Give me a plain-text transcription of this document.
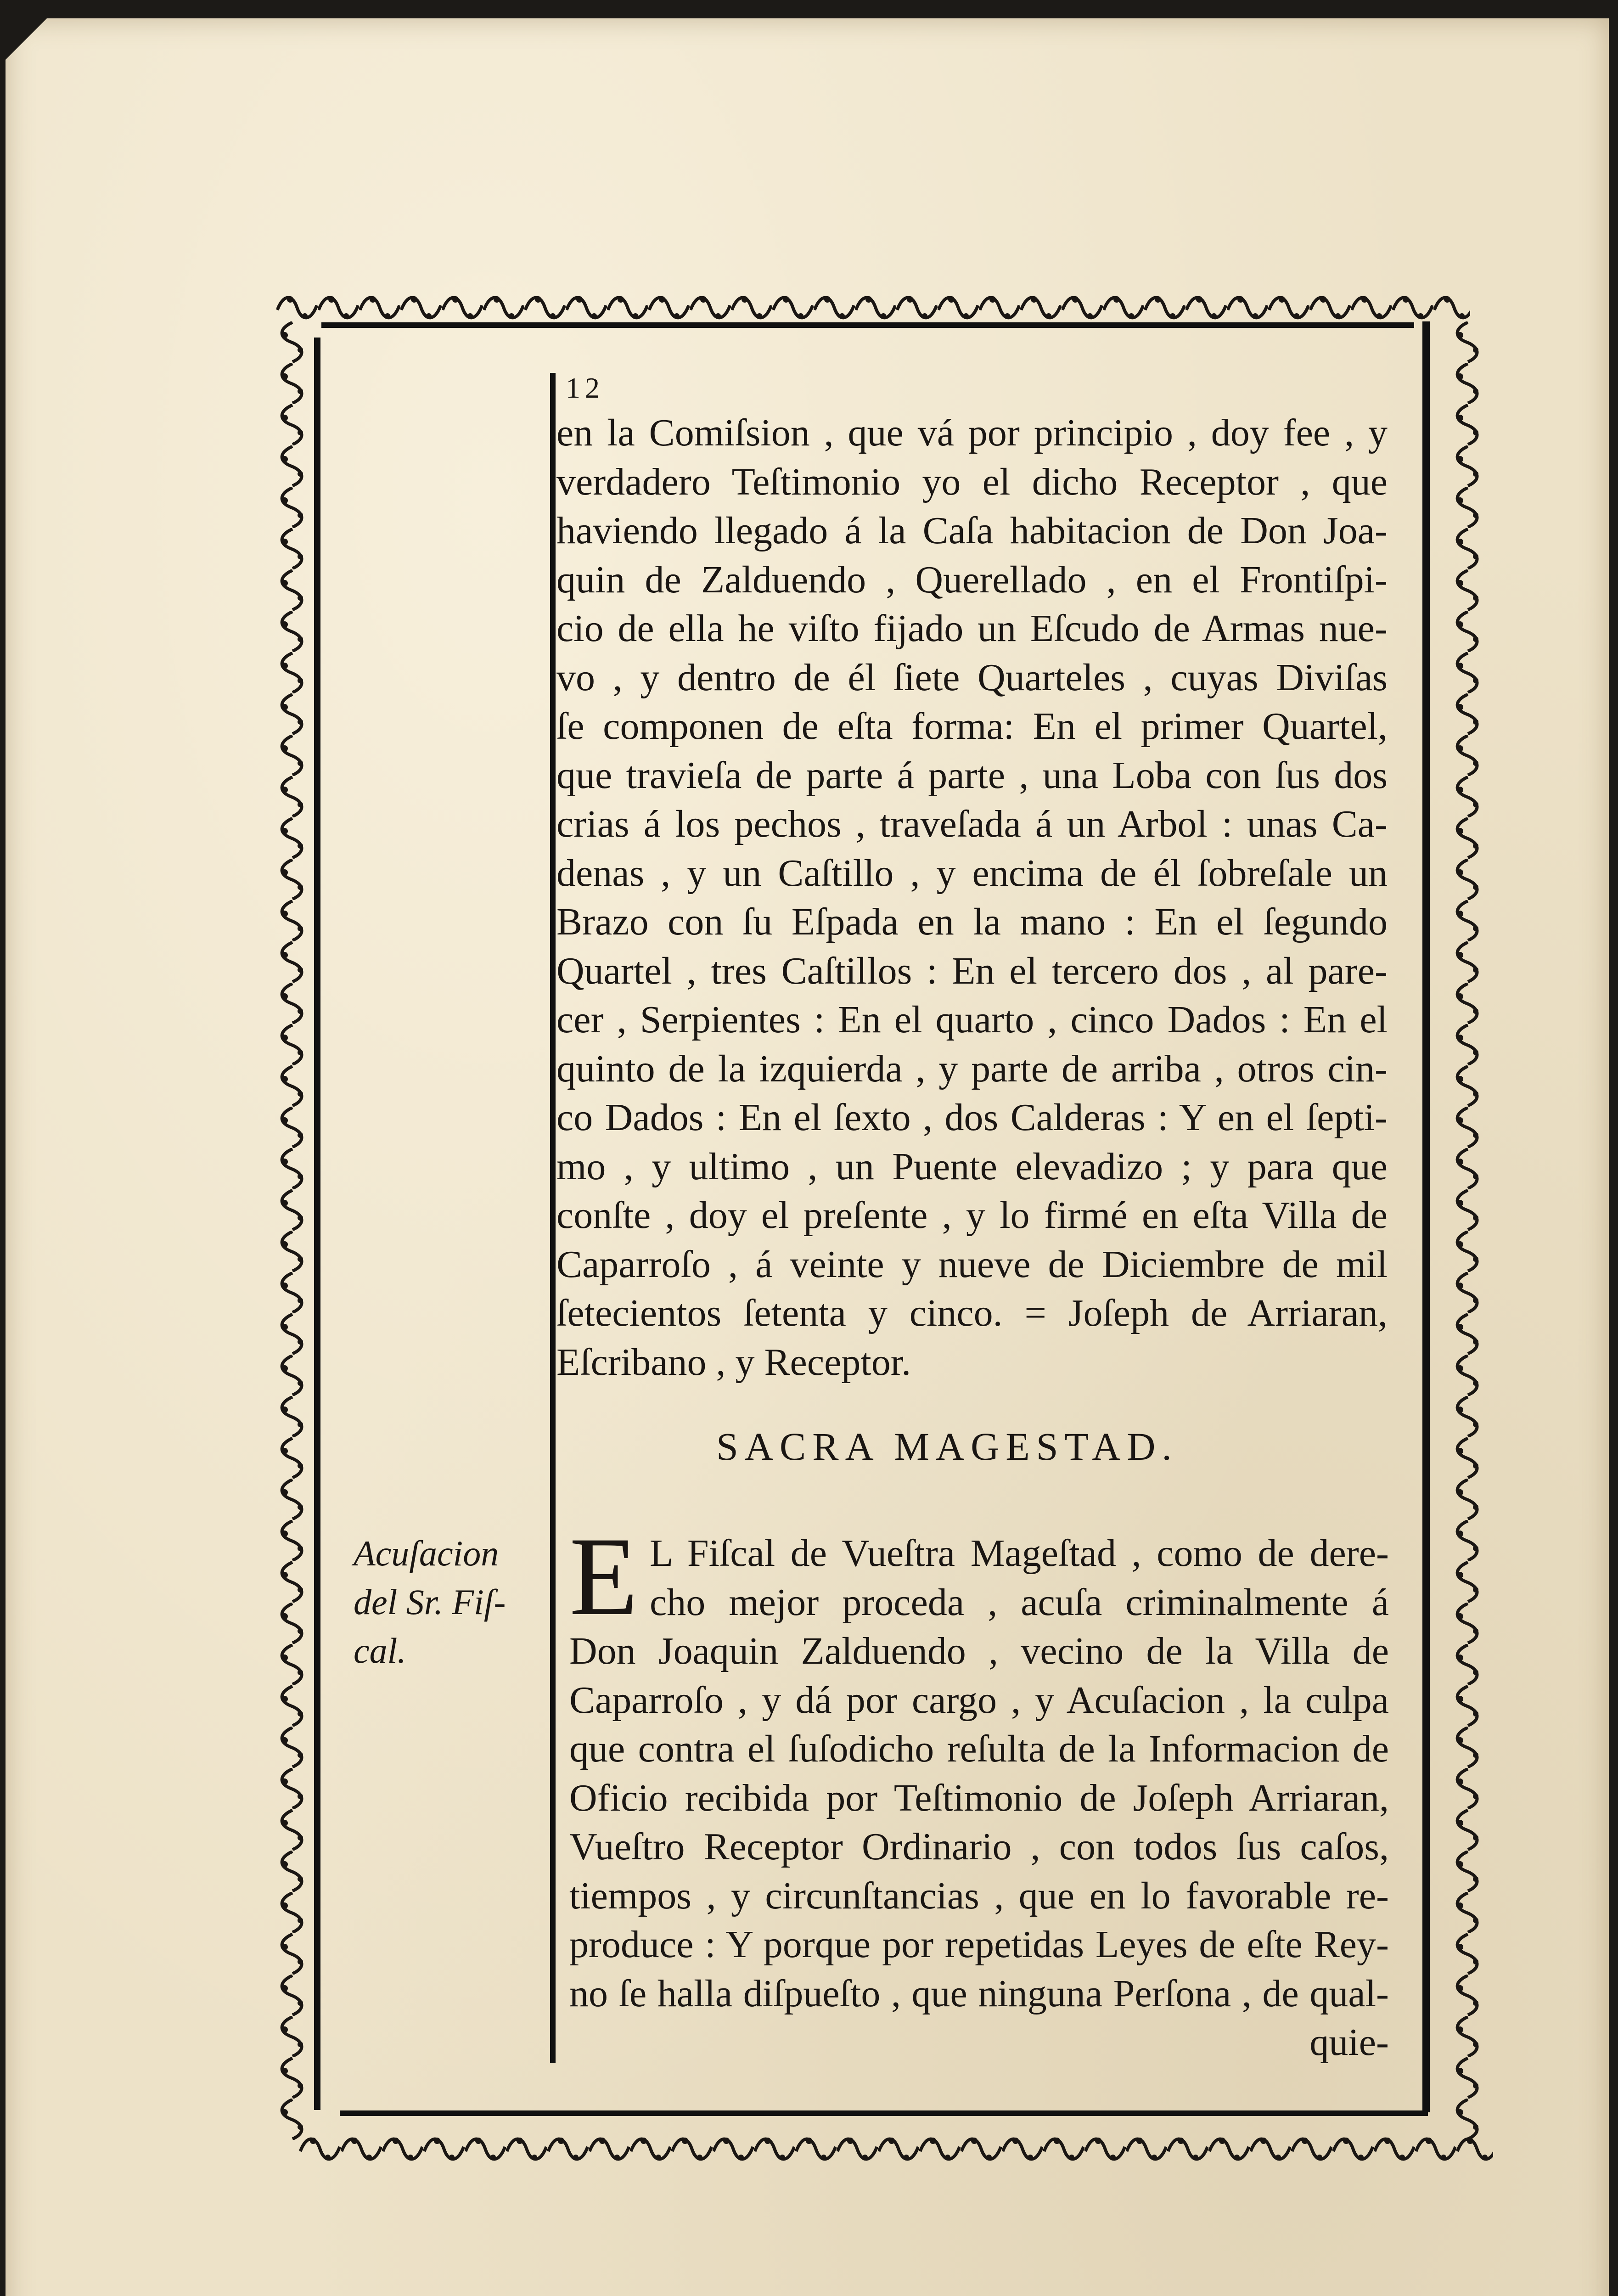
12
en la Comiſsion , que vá por principio , doy fee , y
verdadero Teſtimonio yo el dicho Receptor , que
haviendo llegado á la Caſa habitacion de Don Joa-
quin de Zalduendo , Querellado , en el Frontiſpi-
cio de ella he viſto fijado un Eſcudo de Armas nue-
vo , y dentro de él ſiete Quarteles , cuyas Diviſas
ſe componen de eſta forma: En el primer Quartel,
que travieſa de parte á parte , una Loba con ſus dos
crias á los pechos , traveſada á un Arbol : unas Ca-
denas , y un Caſtillo , y encima de él ſobreſale un
Brazo con ſu Eſpada en la mano : En el ſegundo
Quartel , tres Caſtillos : En el tercero dos , al pare-
cer , Serpientes : En el quarto , cinco Dados : En el
quinto de la izquierda , y parte de arriba , otros cin-
co Dados : En el ſexto , dos Calderas : Y en el ſepti-
mo , y ultimo , un Puente elevadizo ; y para que
conſte , doy el preſente , y lo firmé en eſta Villa de
Caparroſo , á veinte y nueve de Diciembre de mil
ſetecientos ſetenta y cinco. = Joſeph de Arriaran,
Eſcribano , y Receptor.
SACRA MAGESTAD.
E L Fiſcal de Vueſtra Mageſtad , como de dere-
cho mejor proceda , acuſa criminalmente á
Don Joaquin Zalduendo , vecino de la Villa de
Caparroſo , y dá por cargo , y Acuſacion , la culpa
que contra el ſuſodicho reſulta de la Informacion de
Oficio recibida por Teſtimonio de Joſeph Arriaran,
Vueſtro Receptor Ordinario , con todos ſus caſos,
tiempos , y circunſtancias , que en lo favorable re-
produce : Y porque por repetidas Leyes de eſte Rey-
no ſe halla diſpueſto , que ninguna Perſona , de qual-
quie-
Acuſacion
del Sr. Fiſ-
cal.
